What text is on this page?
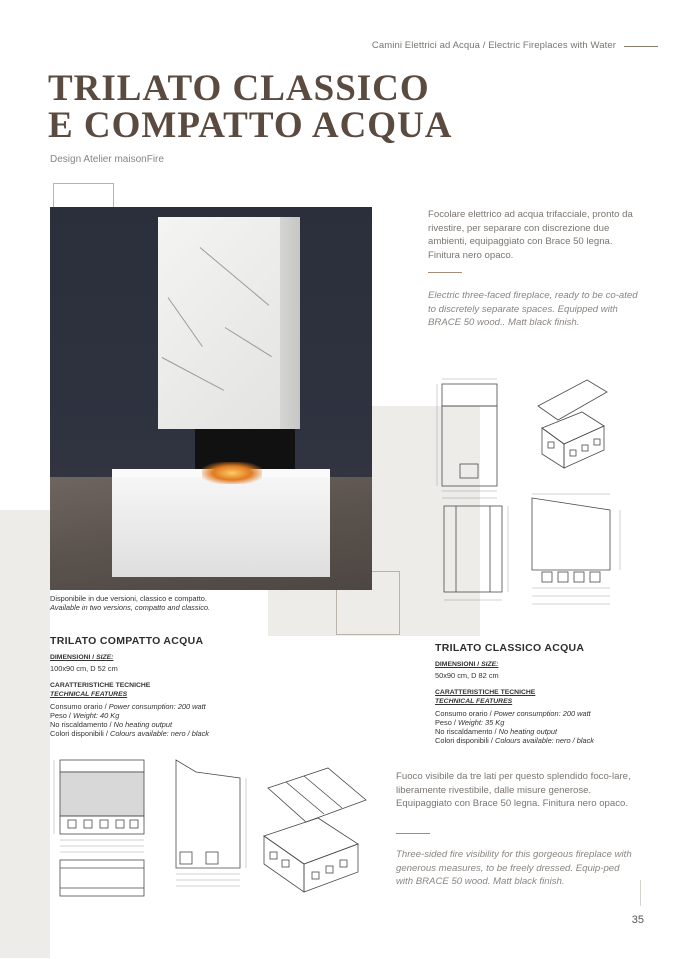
Camini Elettrici ad Acqua / Electric Fireplaces with Water
TRILATO CLASSICO
E COMPATTO ACQUA
Design Atelier maisonFire
Disponibile in due versioni, classico e compatto.
Available in two versions, compatto and classico.

Focolare elettrico ad acqua trifacciale, pronto da rivestire, per separare con discrezione due ambienti, equipaggiato con Brace 50 legna. Finitura nero opaco.

Electric three-faced fireplace, ready to be co-ated to discretely separate spaces. Equipped with BRACE 50 wood.. Matt black finish.

TRILATO COMPATTO ACQUA
DIMENSIONI / SIZE:
100x90 cm, D 52 cm
CARATTERISTICHE TECNICHE
TECHNICAL FEATURES
Consumo orario / Power consumption: 200 watt
Peso / Weight: 40 Kg
No riscaldamento / No heating output
Colori disponibili / Colours available: nero / black
TRILATO CLASSICO ACQUA
DIMENSIONI / SIZE:
50x90 cm, D 82 cm
CARATTERISTICHE TECNICHE
TECHNICAL FEATURES
Consumo orario / Power consumption: 200 watt
Peso / Weight: 35 Kg
No riscaldamento / No heating output
Colori disponibili / Colours available: nero / black

Fuoco visibile da tre lati per questo splendido foco-lare, liberamente rivestibile, dalle misure generose. Equipaggiato con Brace 50 legna. Finitura nero opaco.

Three-sided fire visibility for this gorgeous fireplace with generous measures, to be freely dressed. Equip-ped with BRACE 50 wood. Matt black finish.

35
